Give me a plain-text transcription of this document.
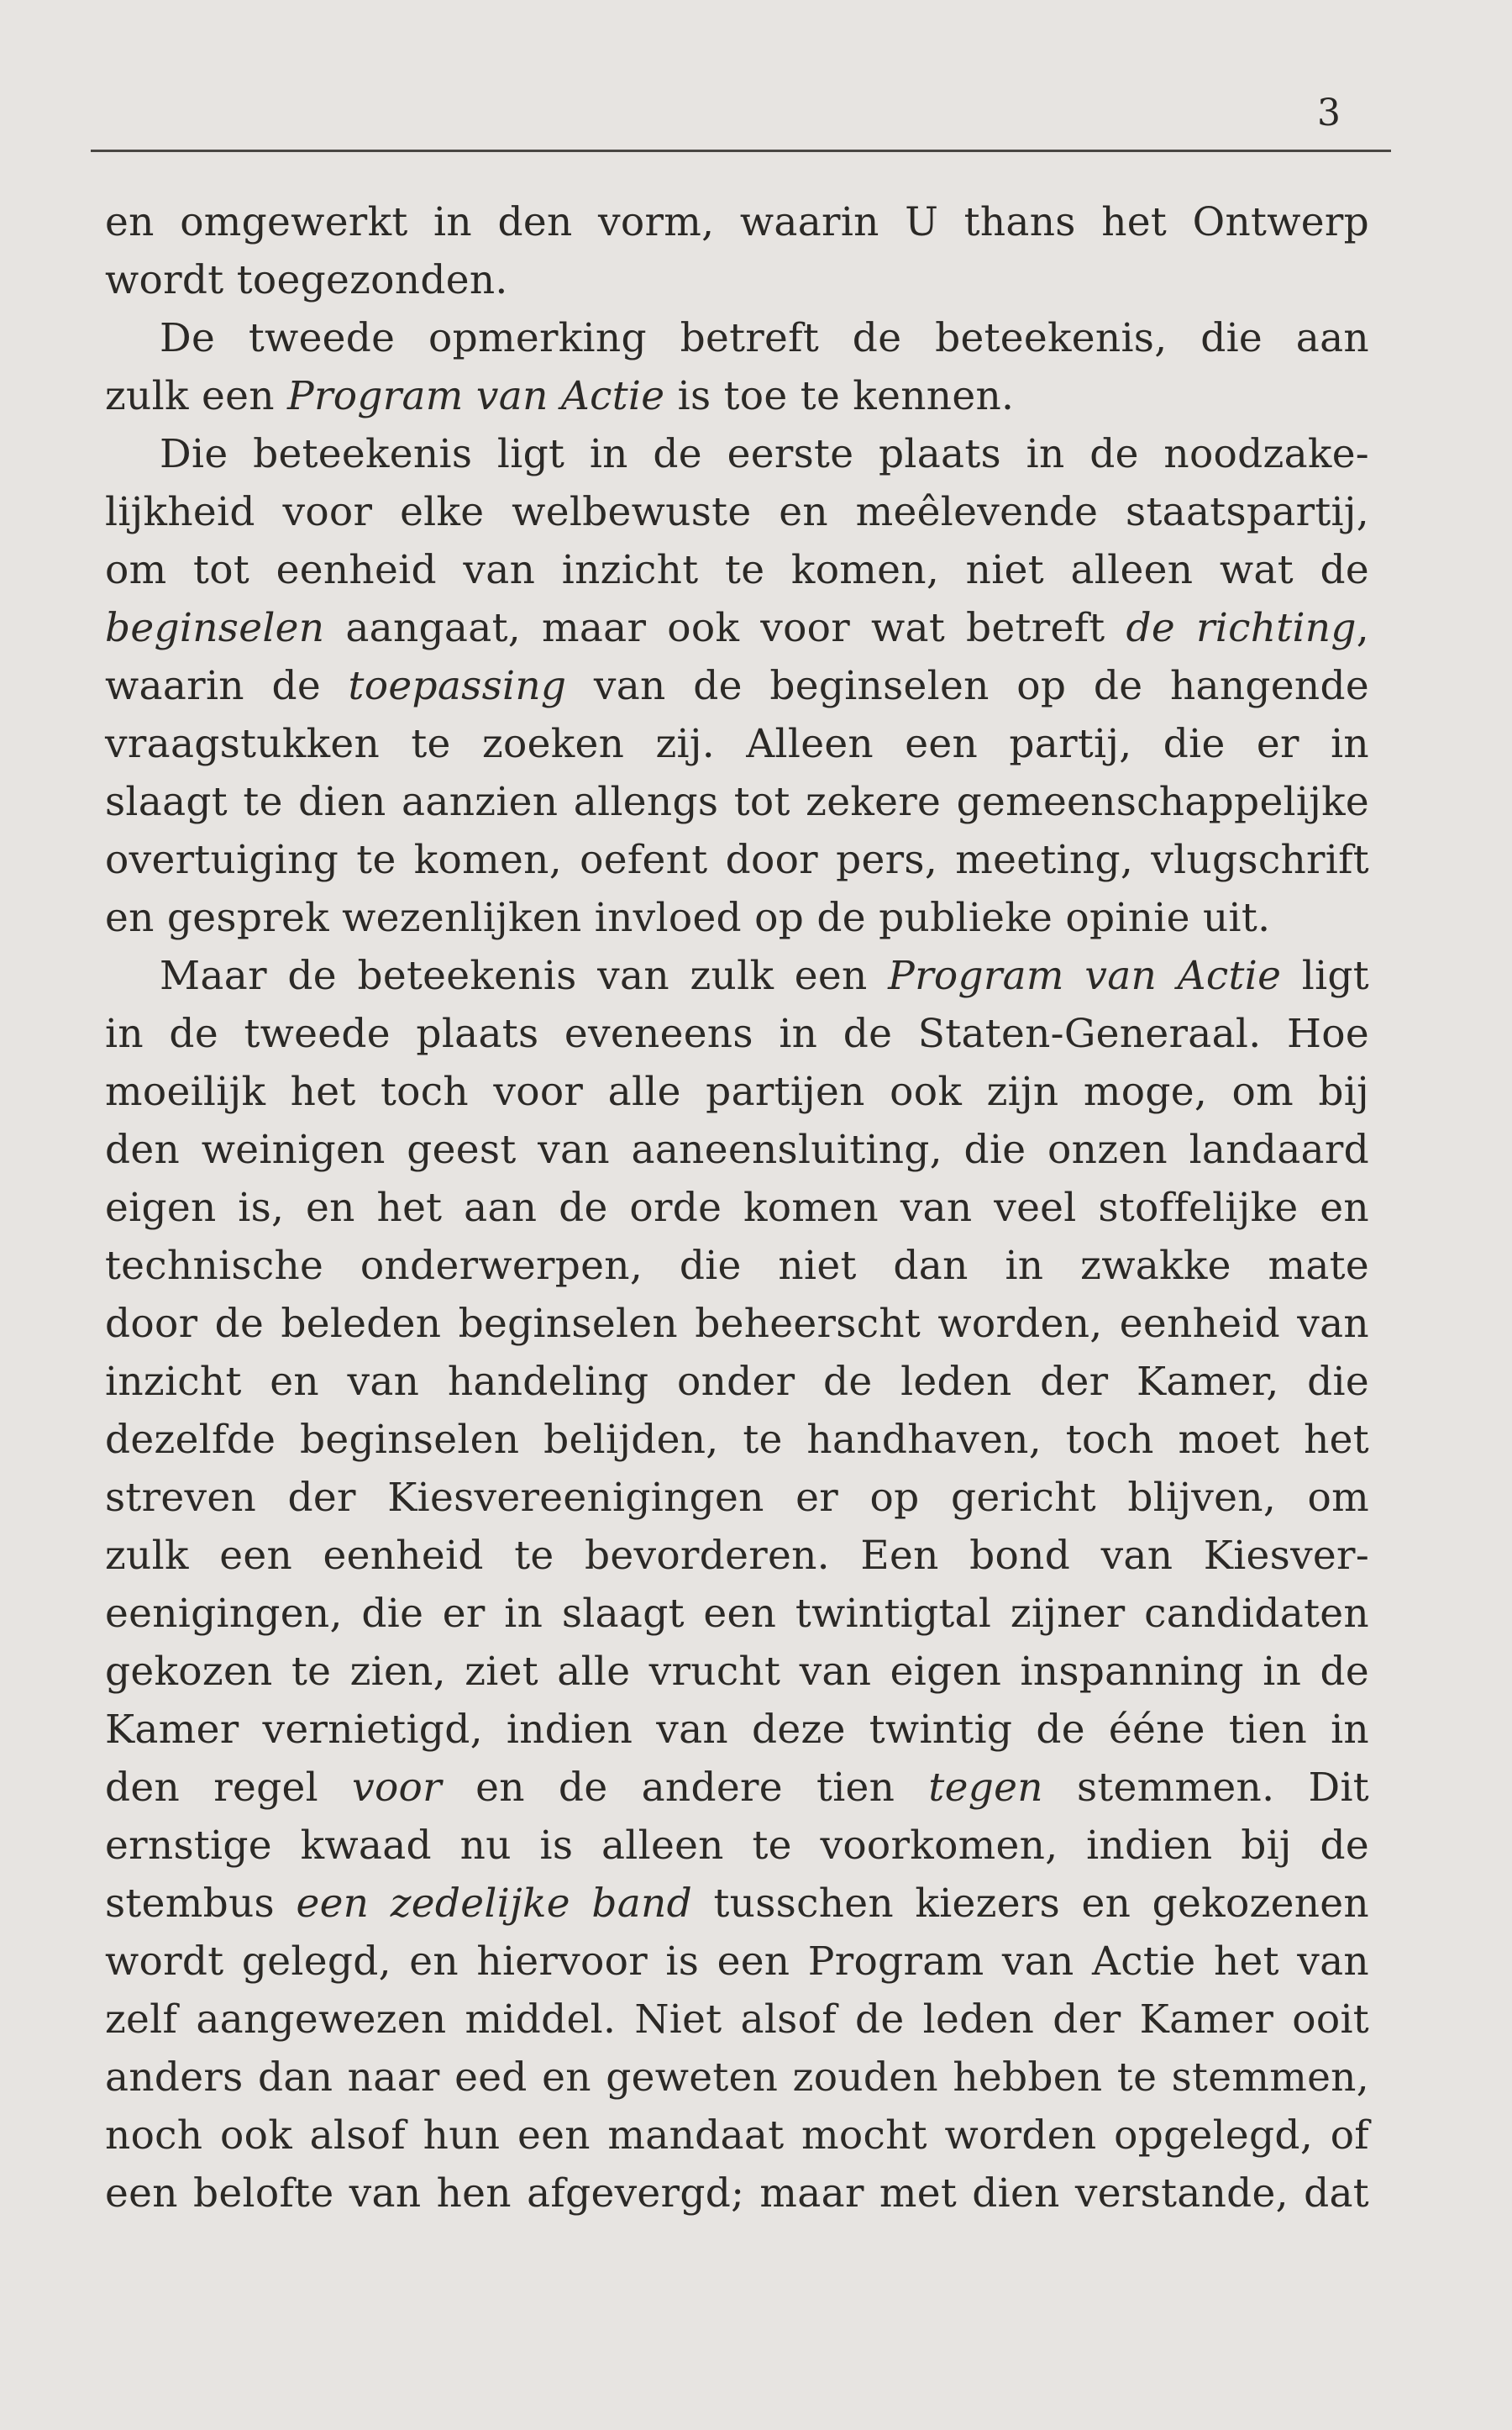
3
en omgewerkt in den vorm, waarin U thans het Ontwerp
wordt toegezonden.
De tweede opmerking betreft de beteekenis, die aan
zulk een Program van Actie is toe te kennen.
Die beteekenis ligt in de eerste plaats in de noodzake-
lijkheid voor elke welbewuste en meêlevende staatspartij,
om tot eenheid van inzicht te komen, niet alleen wat de
beginselen aangaat, maar ook voor wat betreft de richting,
waarin de toepassing van de beginselen op de hangende
vraagstukken te zoeken zij. Alleen een partij, die er in
slaagt te dien aanzien allengs tot zekere gemeenschappelijke
overtuiging te komen, oefent door pers, meeting, vlugschrift
en gesprek wezenlijken invloed op de publieke opinie uit.
Maar de beteekenis van zulk een Program van Actie ligt
in de tweede plaats eveneens in de Staten-Generaal. Hoe
moeilijk het toch voor alle partijen ook zijn moge, om bij
den weinigen geest van aaneensluiting, die onzen landaard
eigen is, en het aan de orde komen van veel stoffelijke en
technische onderwerpen, die niet dan in zwakke mate
door de beleden beginselen beheerscht worden, eenheid van
inzicht en van handeling onder de leden der Kamer, die
dezelfde beginselen belijden, te handhaven, toch moet het
streven der Kiesvereenigingen er op gericht blijven, om
zulk een eenheid te bevorderen. Een bond van Kiesver-
eenigingen, die er in slaagt een twintigtal zijner candidaten
gekozen te zien, ziet alle vrucht van eigen inspanning in de
Kamer vernietigd, indien van deze twintig de ééne tien in
den regel voor en de andere tien tegen stemmen. Dit
ernstige kwaad nu is alleen te voorkomen, indien bij de
stembus een zedelijke band tusschen kiezers en gekozenen
wordt gelegd, en hiervoor is een Program van Actie het van
zelf aangewezen middel. Niet alsof de leden der Kamer ooit
anders dan naar eed en geweten zouden hebben te stemmen,
noch ook alsof hun een mandaat mocht worden opgelegd, of
een belofte van hen afgevergd; maar met dien verstande, dat
